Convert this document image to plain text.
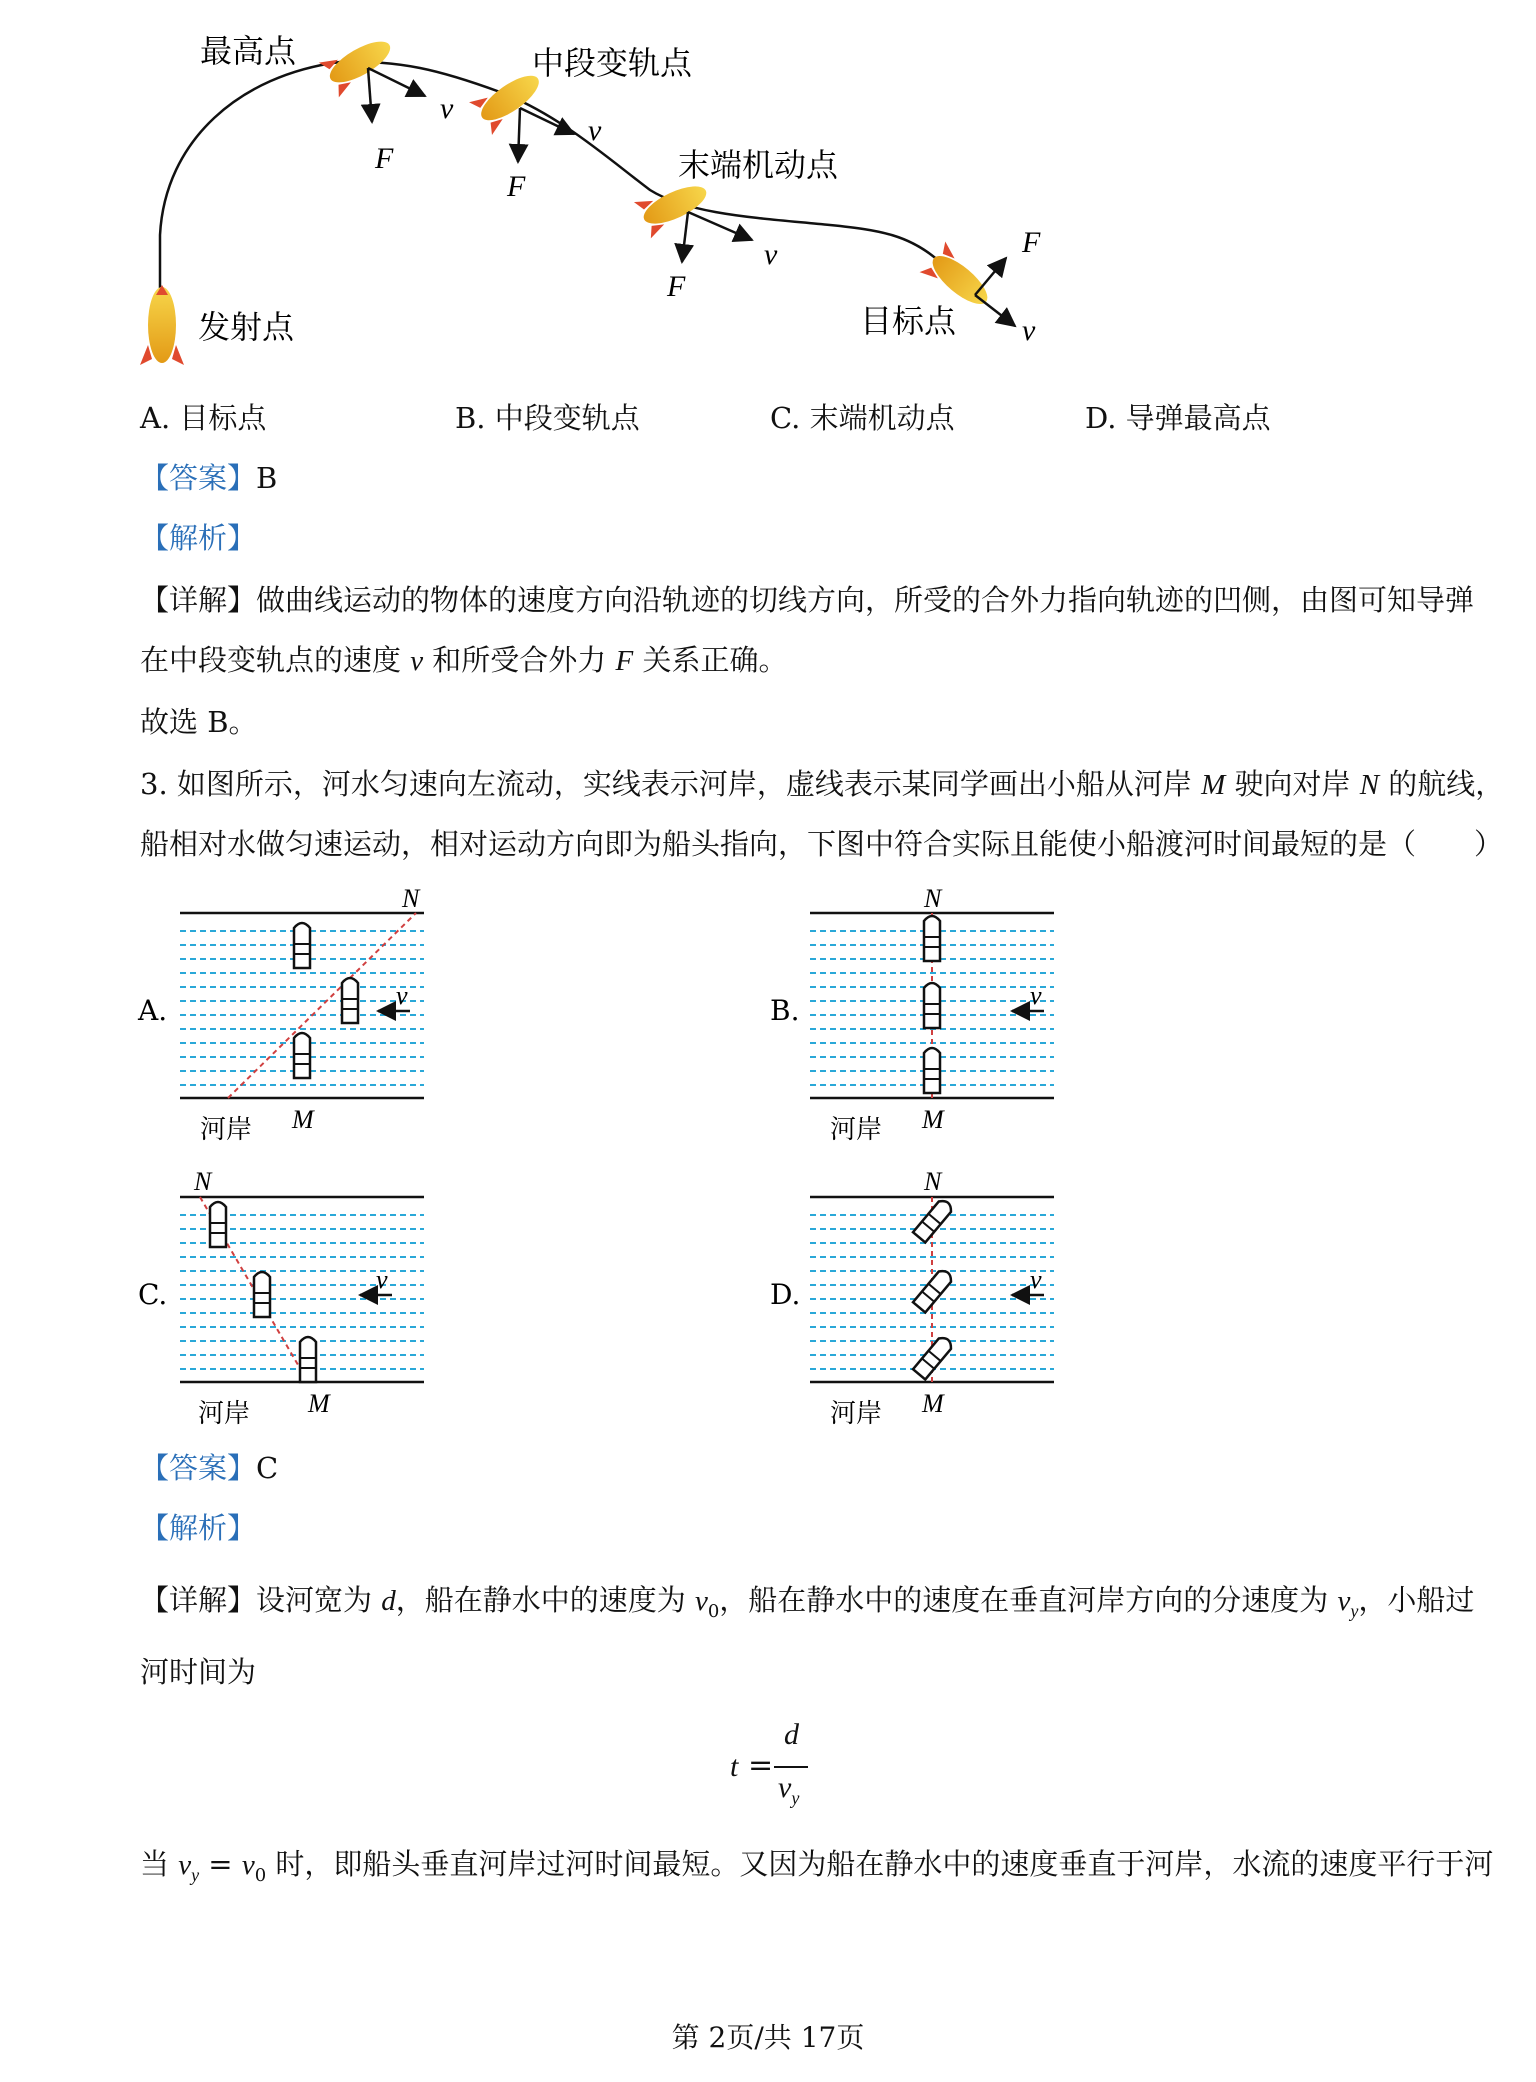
最高点	中段变轨点
末端机动点
发射点	目标点
v
F
v
F
v
F
F
v
A. 目标点	B. 中段变轨点	C. 末端机动点	D. 导弹最高点
【答案】B
【解析】
【详解】做曲线运动的物体的速度方向沿轨迹的切线方向，所受的合外力指向轨迹的凹侧，由图可知导弹
在中段变轨点的速度 v 和所受合外力 F 关系正确。
故选 B。
3. 如图所示，河水匀速向左流动，实线表示河岸，虚线表示某同学画出小船从河岸 M 驶向对岸 N 的航线，
船相对水做匀速运动，相对运动方向即为船头指向，下图中符合实际且能使小船渡河时间最短的是（　　）
A.
N
v
河岸 M
B.
N
v
河岸 M
C.
N
v
河岸 M
D.
N
v
河岸 M
【答案】C
【解析】
【详解】设河宽为 d，船在静水中的速度为 $v_0$，船在静水中的速度在垂直河岸方向的分速度为 $v_y$，小船过
河时间为
t =
d
$v_y$
当 $v_y = v_0$ 时，即船头垂直河岸过河时间最短。又因为船在静水中的速度垂直于河岸，水流的速度平行于河
第 2页/共 17页
